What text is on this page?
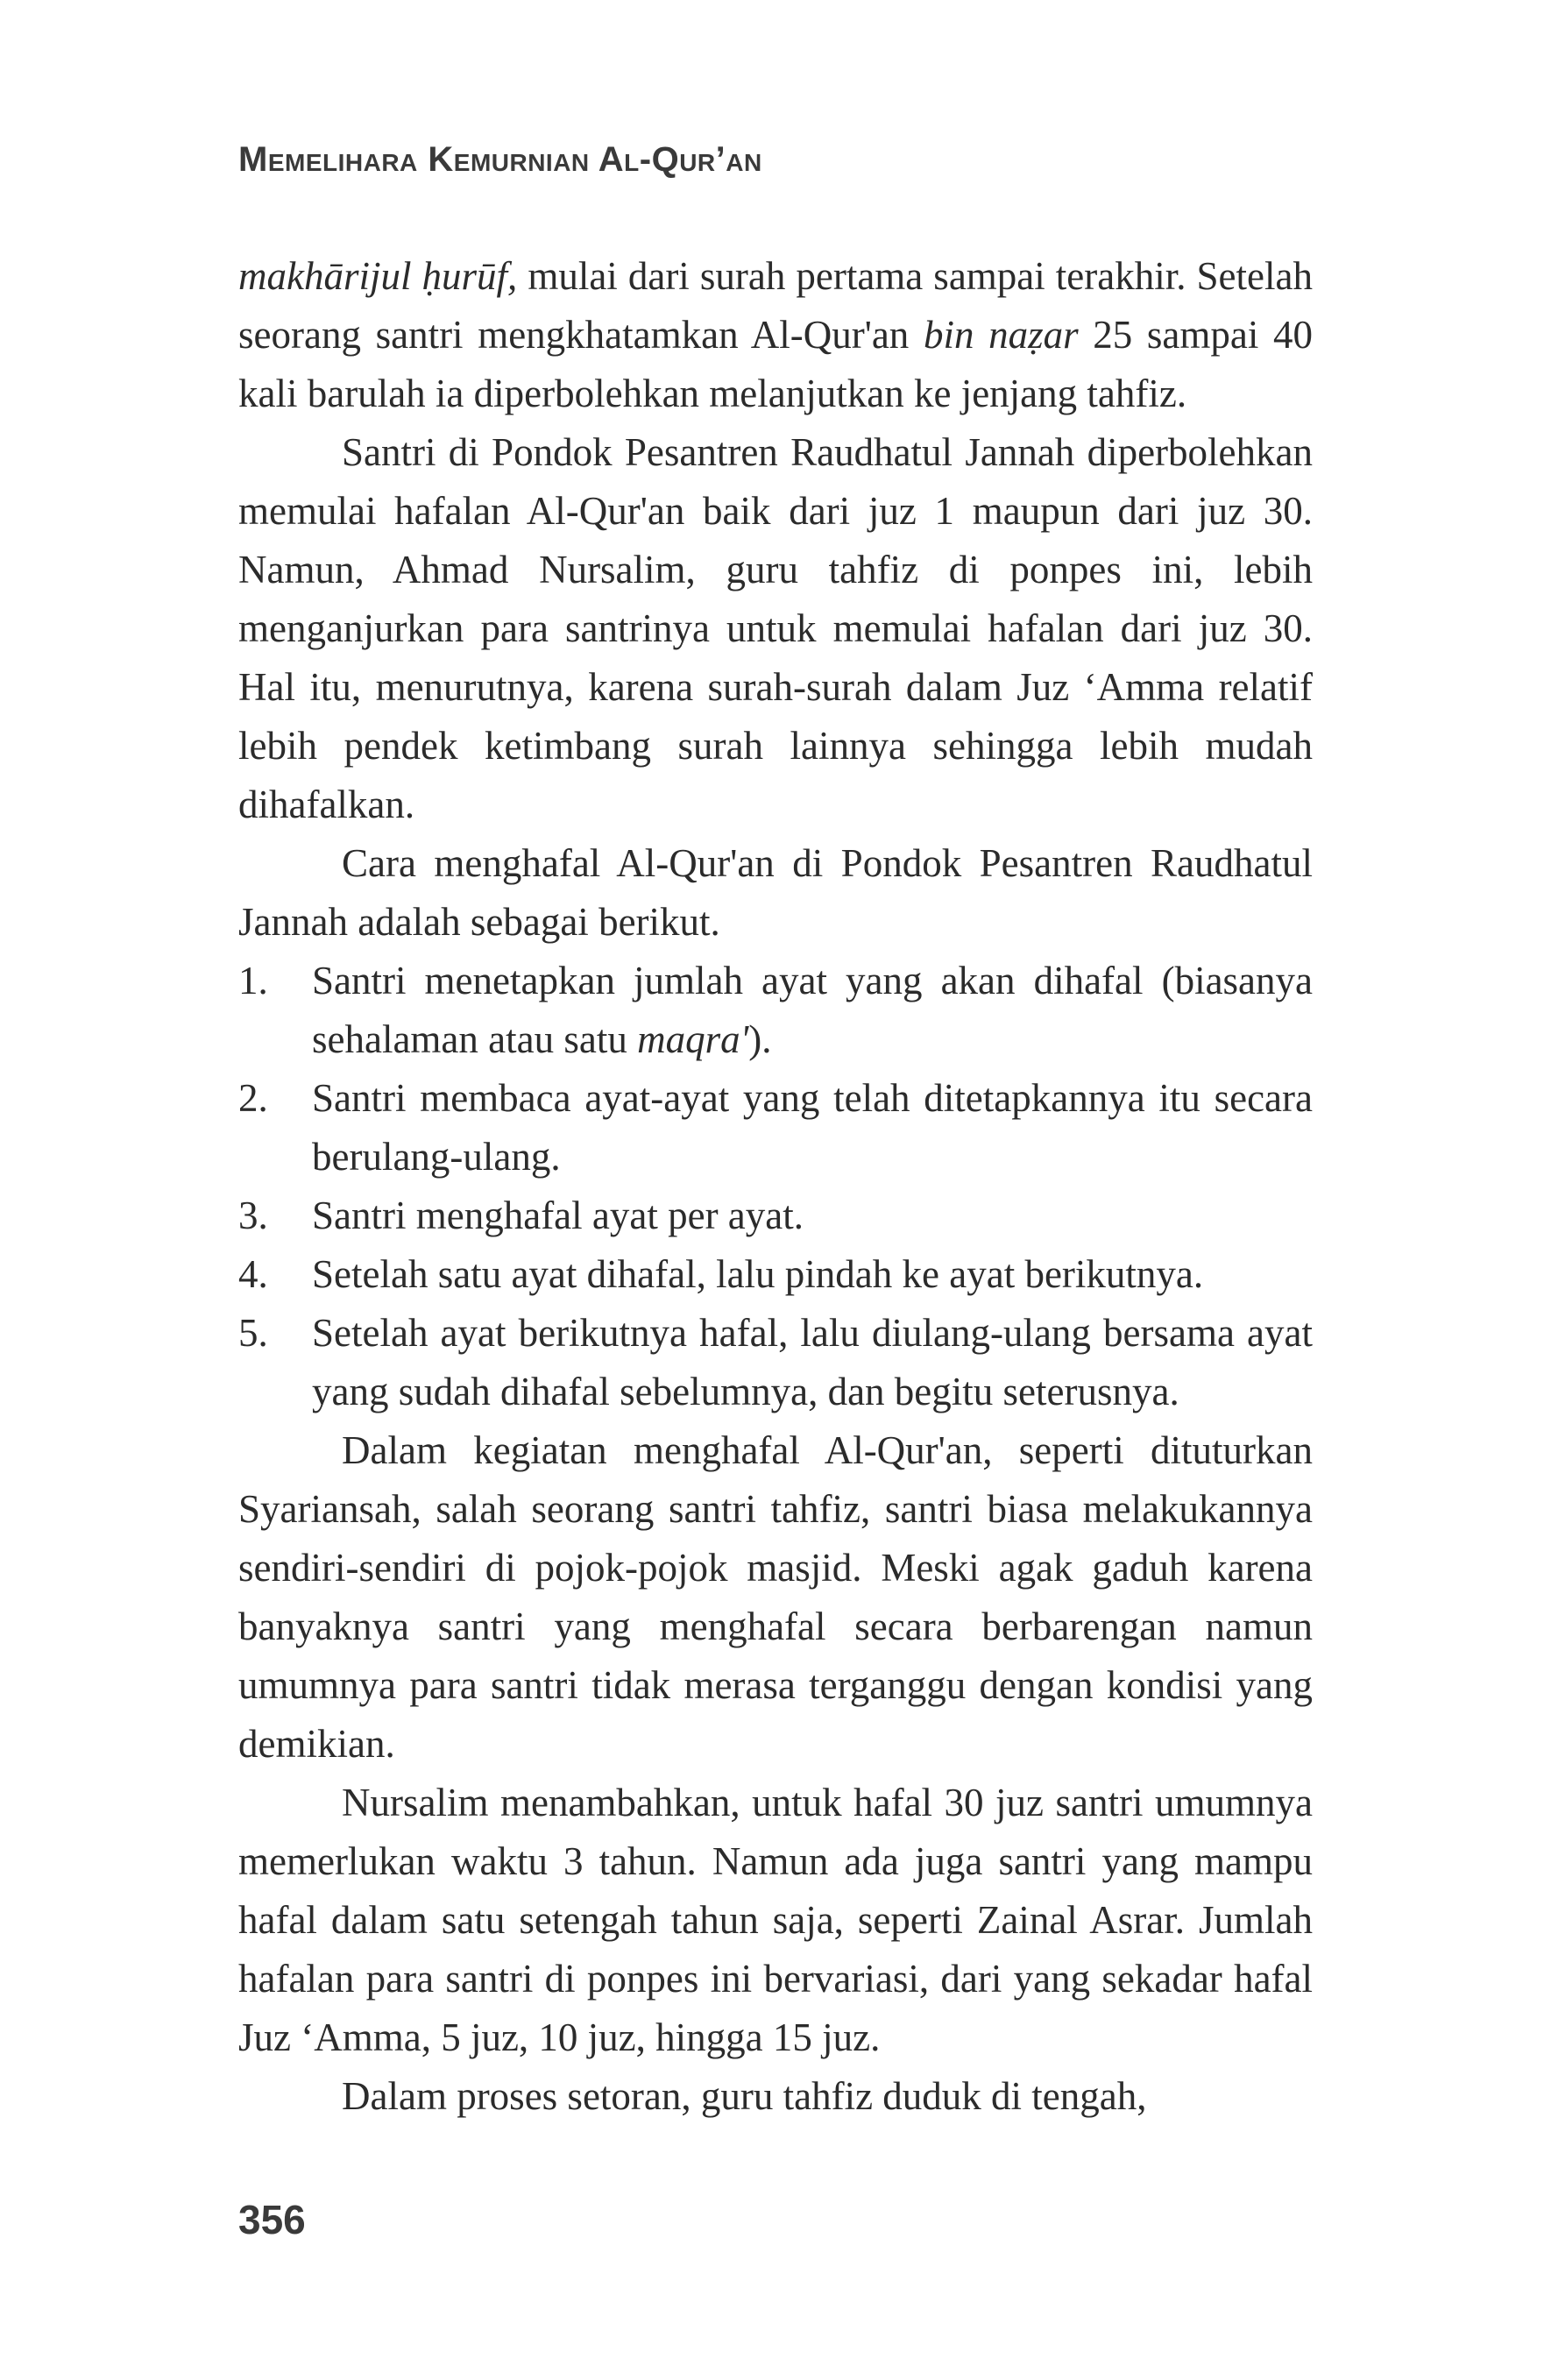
Memelihara Kemurnian Al-Qur’an

makhārijul ḥurūf, mulai dari surah pertama sampai terakhir. Setelah seorang santri mengkhatamkan Al-Qur'an bin naẓar 25 sampai 40 kali barulah ia diperbolehkan melanjutkan ke jenjang tahfiz.

Santri di Pondok Pesantren Raudhatul Jannah diperbolehkan memulai hafalan Al-Qur'an baik dari juz 1 maupun dari juz 30. Namun, Ahmad Nursalim, guru tahfiz di ponpes ini, lebih menganjurkan para santrinya untuk memulai hafalan dari juz 30. Hal itu, menurutnya, karena surah-surah dalam Juz ‘Amma relatif lebih pendek ketimbang surah lainnya sehingga lebih mudah dihafalkan.

Cara menghafal Al-Qur'an di Pondok Pesantren Raudhatul Jannah adalah sebagai berikut.

1. Santri menetapkan jumlah ayat yang akan dihafal (biasanya sehalaman atau satu maqra').
2. Santri membaca ayat-ayat yang telah ditetapkannya itu secara berulang-ulang.
3. Santri menghafal ayat per ayat.
4. Setelah satu ayat dihafal, lalu pindah ke ayat berikutnya.
5. Setelah ayat berikutnya hafal, lalu diulang-ulang bersama ayat yang sudah dihafal sebelumnya, dan begitu seterusnya.

Dalam kegiatan menghafal Al-Qur'an, seperti dituturkan Syariansah, salah seorang santri tahfiz, santri biasa melakukannya sendiri-sendiri di pojok-pojok masjid. Meski agak gaduh karena banyaknya santri yang menghafal secara berbarengan namun umumnya para santri tidak merasa terganggu dengan kondisi yang demikian.

Nursalim menambahkan, untuk hafal 30 juz santri umumnya memerlukan waktu 3 tahun. Namun ada juga santri yang mampu hafal dalam satu setengah tahun saja, seperti Zainal Asrar. Jumlah hafalan para santri di ponpes ini bervariasi, dari yang sekadar hafal Juz ‘Amma, 5 juz, 10 juz, hingga 15 juz.

Dalam proses setoran, guru tahfiz duduk di tengah,

356
